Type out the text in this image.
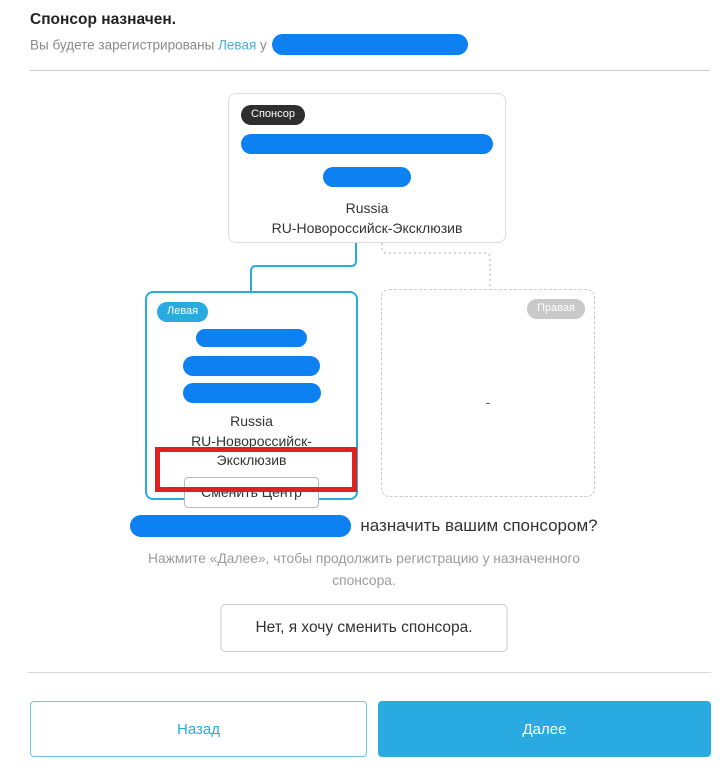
Спонсор назначен.
Вы будете зарегистрированы Левая у
Спонсор
Russia
RU-Новороссийск-Эксклюзив
Левая
Russia
RU-Новороссийск-Эксклюзив
Сменить Центр
Правая
-
назначить вашим спонсором?
Нажмите «Далее», чтобы продолжить регистрацию у назначенного спонсора.
Нет, я хочу сменить спонсора.
Назад	Далее
